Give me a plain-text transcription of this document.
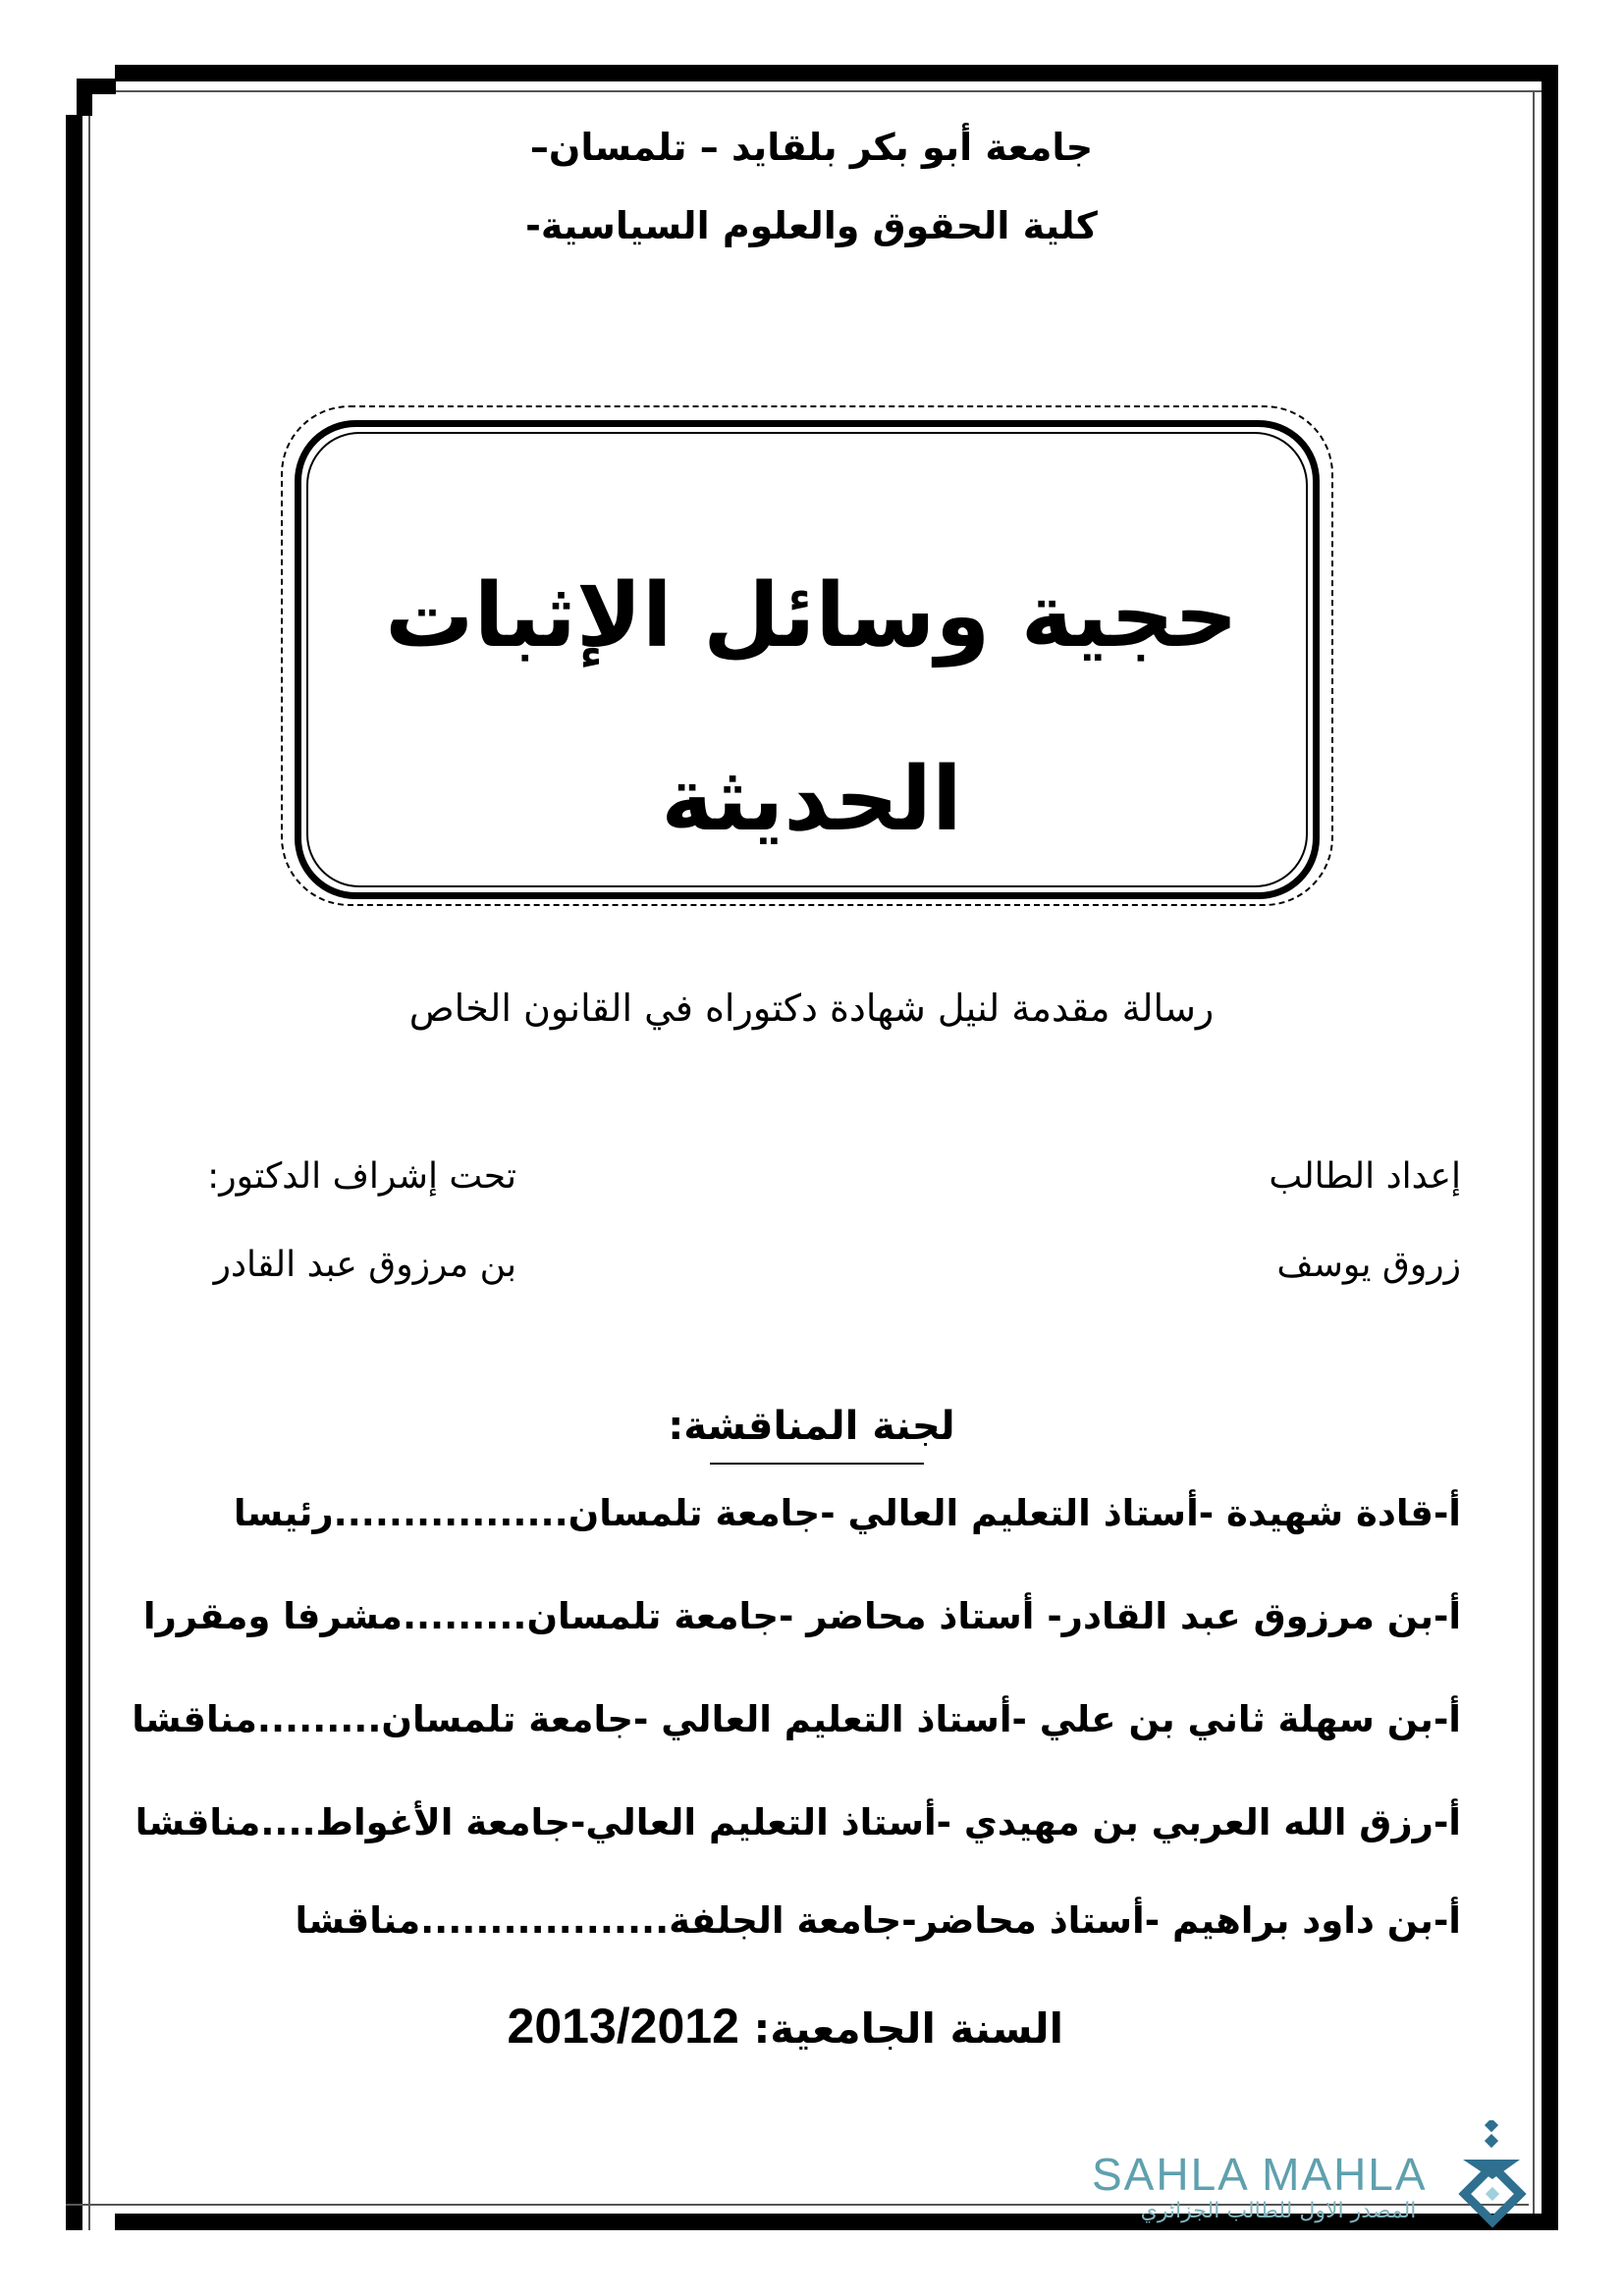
جامعة أبو بكر بلقايد – تلمسان–
كلية الحقوق والعلوم السياسية-
حجية وسائل الإثبات
الحديثة
رسالة مقدمة لنيل شهادة دكتوراه في القانون الخاص
إعداد الطالب
زروق يوسف
تحت إشراف الدكتور:
بن مرزوق عبد القادر
لجنة المناقشة:
أ-قادة شهيدة -أستاذ التعليم العالي -جامعة تلمسان.................رئيسا
أ-بن مرزوق عبد القادر- أستاذ محاضر -جامعة تلمسان.........مشرفا ومقررا
أ-بن سهلة ثاني بن علي -أستاذ التعليم العالي -جامعة تلمسان.........مناقشا
أ-رزق الله العربي بن مهيدي -أستاذ التعليم العالي-جامعة الأغواط....مناقشا
أ-بن داود براهيم -أستاذ محاضر-جامعة الجلفة..................مناقشا
السنة الجامعية: 2013/2012
SAHLA MAHLA
المصدر الاول للطالب الجزائري
